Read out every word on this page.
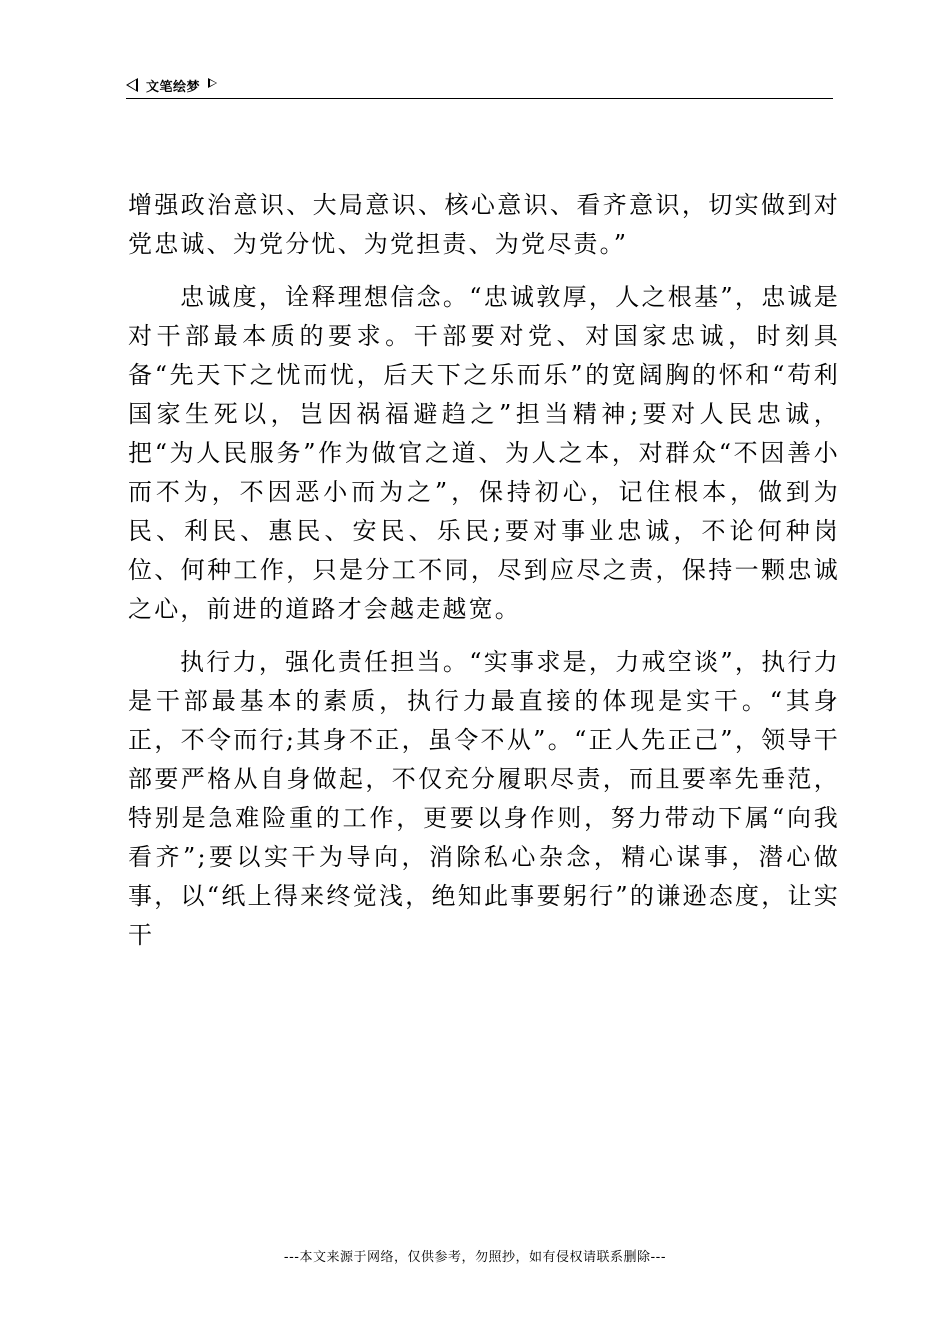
文笔绘梦

增强政治意识、大局意识、核心意识、看齐意识，切实做到对党忠诚、为党分忧、为党担责、为党尽责。”

忠诚度，诠释理想信念。“忠诚敦厚，人之根基”，忠诚是对干部最本质的要求。干部要对党、对国家忠诚，时刻具备“先天下之忧而忧，后天下之乐而乐”的宽阔胸的怀和“苟利国家生死以，岂因祸福避趋之”担当精神;要对人民忠诚，把“为人民服务”作为做官之道、为人之本，对群众“不因善小而不为，不因恶小而为之”，保持初心，记住根本，做到为民、利民、惠民、安民、乐民;要对事业忠诚，不论何种岗位、何种工作，只是分工不同，尽到应尽之责，保持一颗忠诚之心，前进的道路才会越走越宽。

执行力，强化责任担当。“实事求是，力戒空谈”，执行力是干部最基本的素质，执行力最直接的体现是实干。“其身正，不令而行;其身不正，虽令不从”。“正人先正己”，领导干部要严格从自身做起，不仅充分履职尽责，而且要率先垂范，特别是急难险重的工作，更要以身作则，努力带动下属“向我看齐”;要以实干为导向，消除私心杂念，精心谋事，潜心做事，以“纸上得来终觉浅，绝知此事要躬行”的谦逊态度，让实干

---本文来源于网络，仅供参考，勿照抄，如有侵权请联系删除---
